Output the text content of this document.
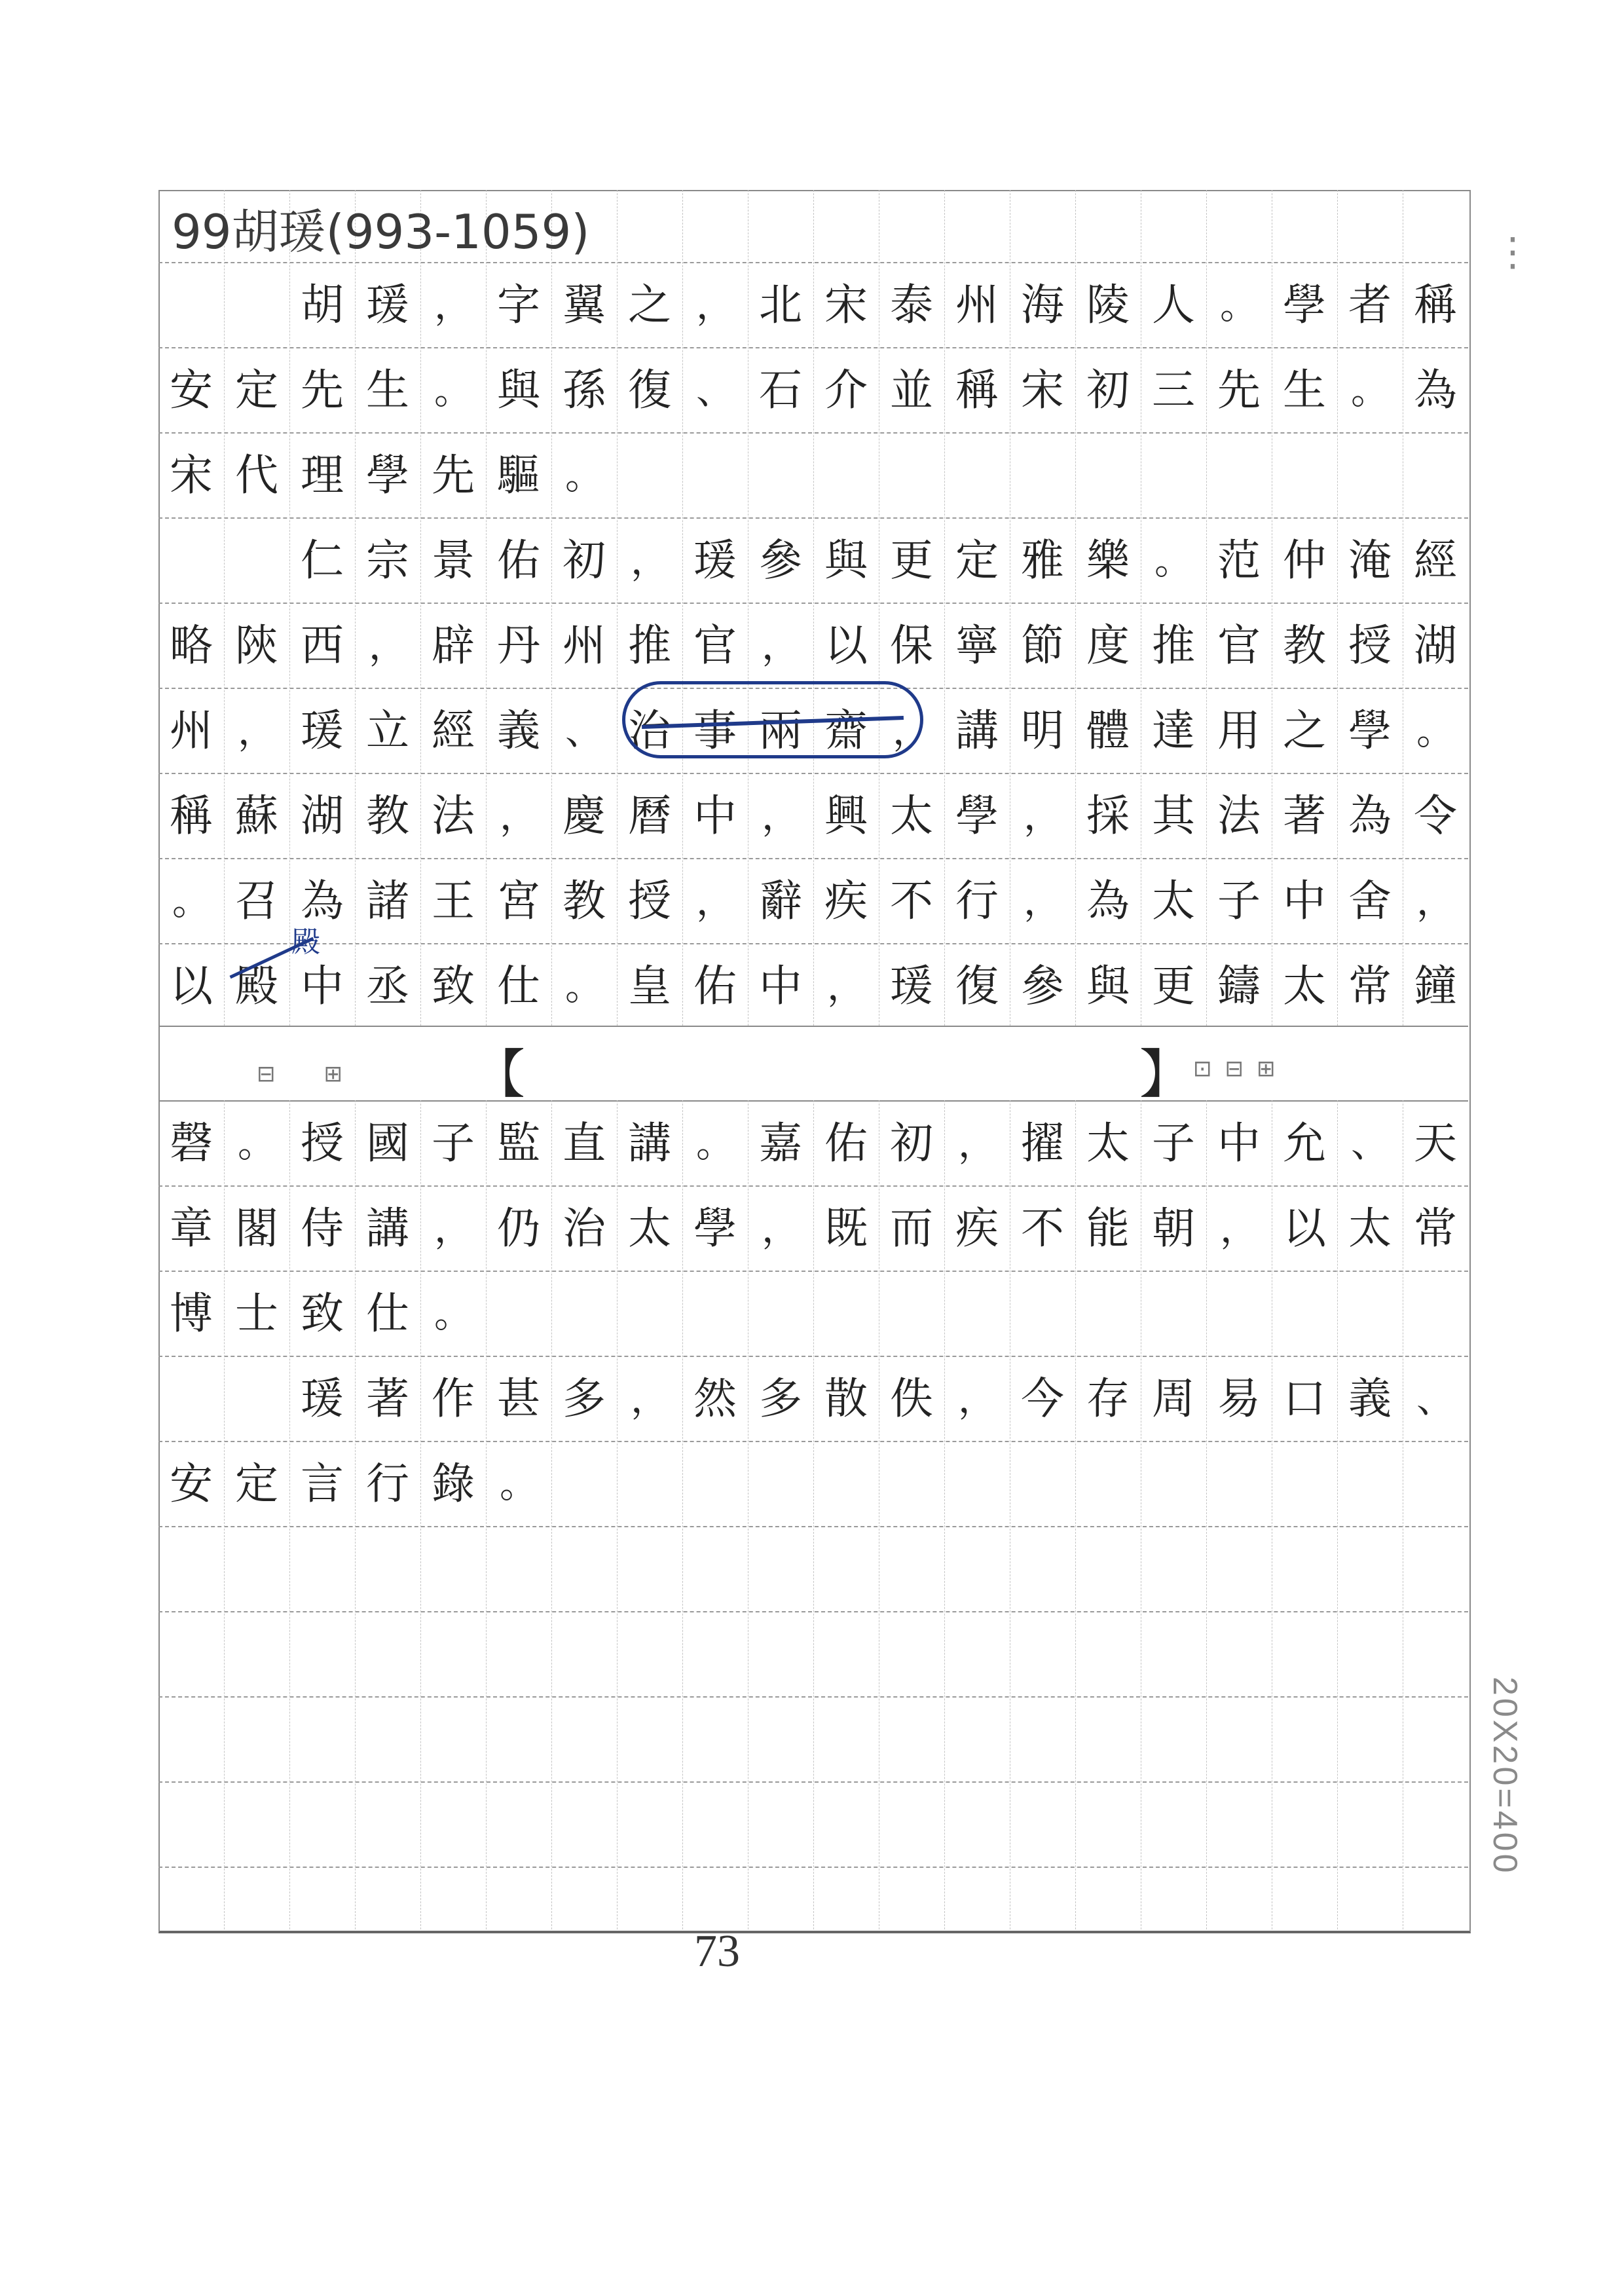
⋮
99胡瑗(993-1059)
胡 瑗 ， 字 翼 之 ， 北 宋 泰 州 海 陵 人 。 學 者 稱
安 定 先 生 。 與 孫 復 、 石 介 並 稱 宋 初 三 先 生 。 為
宋 代 理 學 先 驅 。
仁 宗 景 佑 初 ， 瑗 參 與 更 定 雅 樂 。 范 仲 淹 經
略 陝 西 ， 辟 丹 州 推 官 ， 以 保 寧 節 度 推 官 教 授 湖
州 ， 瑗 立 經 義 、 治 事 兩 齋 ， 講 明 體 達 用 之 學 。
稱 蘇 湖 教 法 ， 慶 曆 中 ， 興 太 學 ， 採 其 法 著 為 令
。 召 為 諸 王 宮 教 授 ， 辭 疾 不 行 ， 為 太 子 中 舍 ，
以 殿 中 丞 致 仕 。 皇 佑 中 ， 瑗 復 參 與 更 鑄 太 常 鐘
磬 。 授 國 子 監 直 講 。 嘉 佑 初 ， 擢 太 子 中 允 、 天
章 閣 侍 講 ， 仍 治 太 學 ， 既 而 疾 不 能 朝 ， 以 太 常
博 士 致 仕 。
瑗 著 作 甚 多 ， 然 多 散 佚 ， 今 存 周 易 口 義 、
安 定 言 行 錄 。
⊟　⊞ 【	】 ⊡⊟⊞
殿
20X20=400
73
